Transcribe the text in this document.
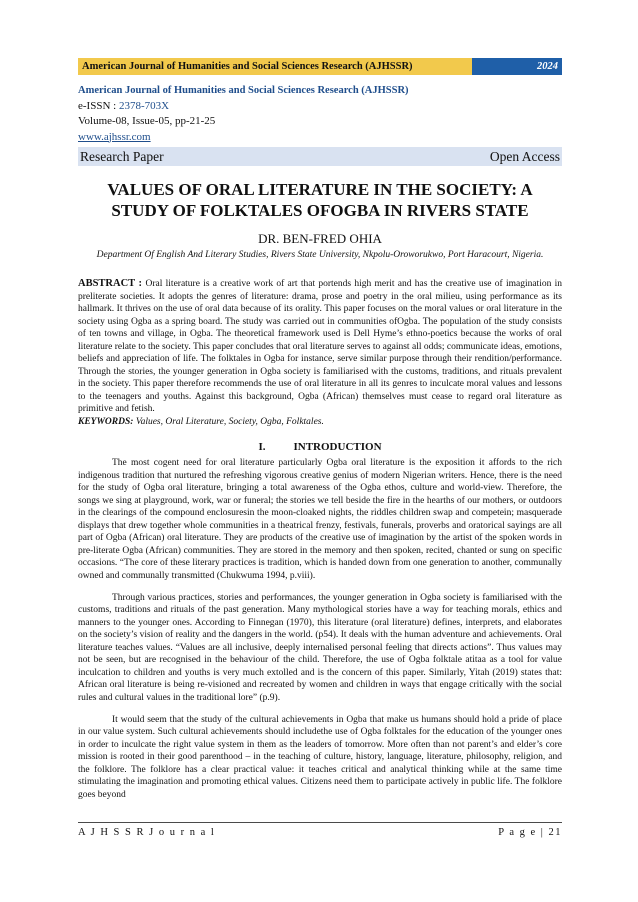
American Journal of Humanities and Social Sciences Research (AJHSSR)	2024
American Journal of Humanities and Social Sciences Research (AJHSSR)
e-ISSN : 2378-703X
Volume-08, Issue-05, pp-21-25
www.ajhssr.com
Research Paper	Open Access
VALUES OF ORAL LITERATURE IN THE SOCIETY: A STUDY OF FOLKTALES OFOGBA IN RIVERS STATE
DR. BEN-FRED OHIA
Department Of English And Literary Studies, Rivers State University, Nkpolu-Oroworukwo, Port Haracourt, Nigeria.
ABSTRACT : Oral literature is a creative work of art that portends high merit and has the creative use of imagination in preliterate societies. It adopts the genres of literature: drama, prose and poetry in the oral milieu, using performance as its hallmark. It thrives on the use of oral data because of its orality. This paper focuses on the moral values or oral literature in the society using Ogba as a spring board. The study was carried out in communities ofOgba. The population of the study consists of ten towns and village, in Ogba. The theoretical framework used is Dell Hyme’s ethno-poetics because the works of oral literature relate to the society. This paper concludes that oral literature serves to against all odds; communicate ideas, emotions, beliefs and appreciation of life. The folktales in Ogba for instance, serve similar purpose through their rendition/performance. Through the stories, the younger generation in Ogba society is familiarised with the customs, traditions, and rituals prevalent in the society. This paper therefore recommends the use of oral literature in all its genres to inculcate moral values and lessons to the teenagers and youths. Against this background, Ogba (African) themselves must cease to regard oral literature as primitive and fetish.
KEYWORDS: Values, Oral Literature, Society, Ogba, Folktales.
I.	INTRODUCTION

The most cogent need for oral literature particularly Ogba oral literature is the exposition it affords to the rich indigenous tradition that nurtured the refreshing vigorous creative genius of modern Nigerian writers. Hence, there is the need for the study of Ogba oral literature, bringing a total awareness of the Ogba ethos, culture and world-view. Therefore, the songs we sing at playground, work, war or funeral; the stories we tell beside the fire in the hearths of our mothers, or outdoors in the clearings of the compound enclosuresin the moon-cloaked nights, the riddles children swap and competein; masquerade displays that drew together whole communities in a theatrical frenzy, festivals, funerals, proverbs and oratorical sayings are all part of Ogba (African) oral literature. They are products of the creative use of imagination by the artist of the spoken words in pre-literate Ogba (African) communities. They are stored in the memory and then spoken, recited, chanted or sung on specific occasions. “The core of these literary practices is tradition, which is handed down from one generation to another, communally owned and communally transmitted (Chukwuma 1994, p.viii).

Through various practices, stories and performances, the younger generation in Ogba society is familiarised with the customs, traditions and rituals of the past generation. Many mythological stories have a way for teaching morals, ethics and manners to the younger ones. According to Finnegan (1970), this literature (oral literature) defines, interprets, and elaborates on the society’s vision of reality and the dangers in the world. (p54). It deals with the human adventure and achievements. Oral literature teaches values. “Values are all inclusive, deeply internalised personal feeling that directs actions”. Thus values may not be seen, but are recognised in the behaviour of the child. Therefore, the use of Ogba folktale atitaa as a tool for value inculcation to children and youths is very much extolled and is the concern of this paper. Similarly, Yitah (2019) states that: African oral literature is being re-visioned and recreated by women and children in ways that engage critically with the social rules and cultural values in the traditional lore” (p.9).

It would seem that the study of the cultural achievements in Ogba that make us humans should hold a pride of place in our value system. Such cultural achievements should includethe use of Ogba folktales for the education of the younger ones in order to inculcate the right value system in them as the leaders of tomorrow. More often than not parent’s and elder’s core mission is rooted in their good parenthood – in the teaching of culture, history, language, literature, philosophy, religion, and the folklore. The folklore has a clear practical value: it teaches critical and analytical thinking while at the same time stimulating the imagination and promoting ethical values. Citizens need them to participate actively in public life. The folklore goes beyond

A J H S S R J o u r n a l	P a g e | 21
